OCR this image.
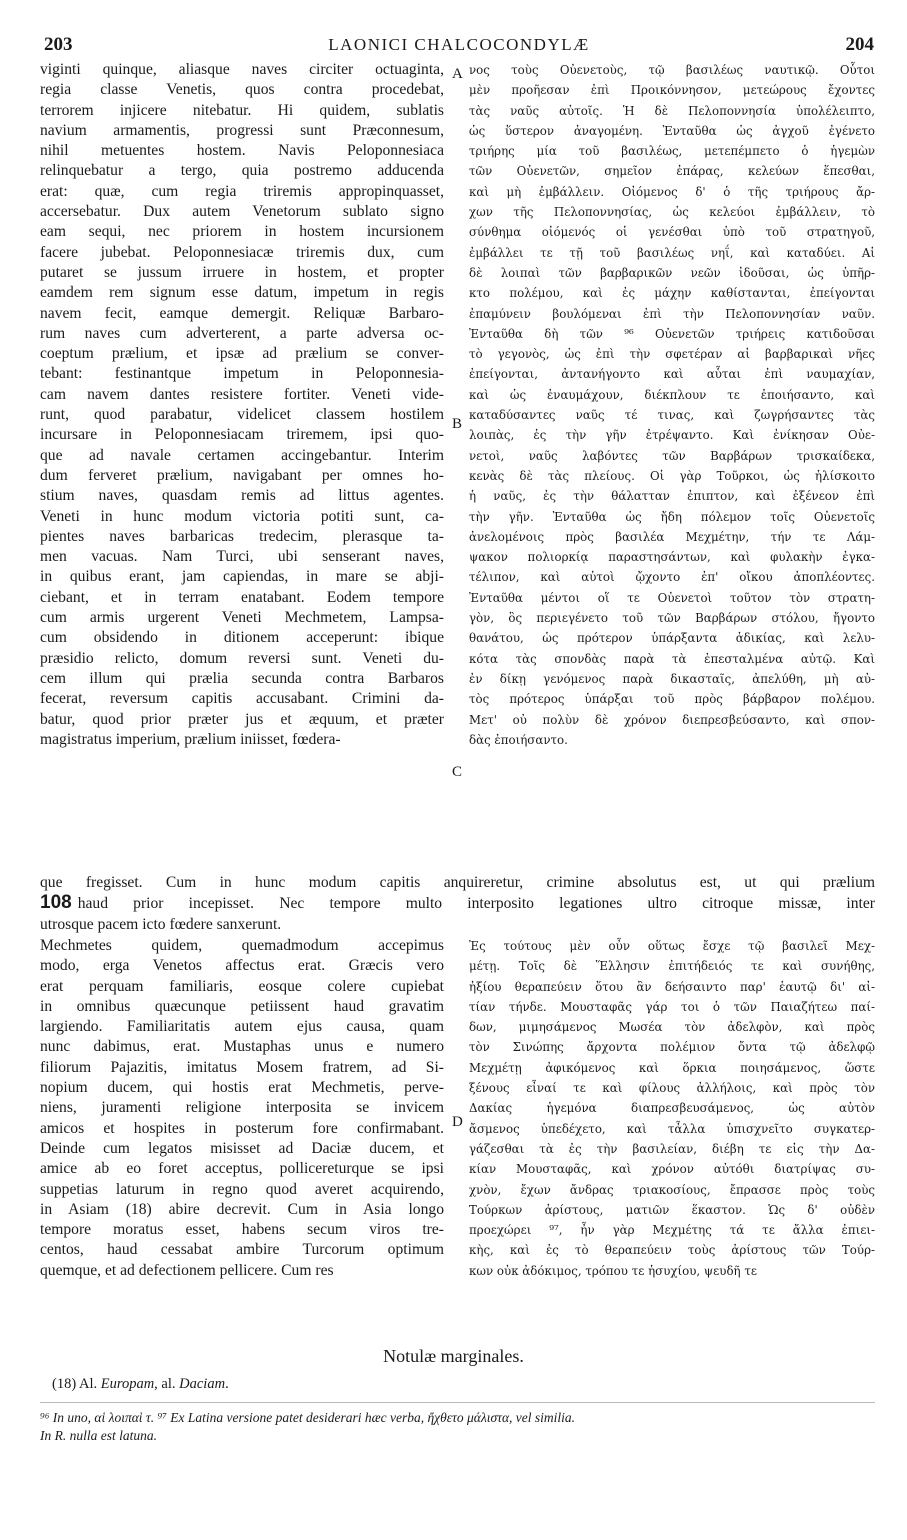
203	LAONICI CHALCOCONDYLÆ	204
viginti quinque, aliasque naves circiter octuaginta,
regia classe Venetis, quos contra procedebat,
terrorem injicere nitebatur. Hi quidem, sublatis
navium armamentis, progressi sunt Præconnesum,
nihil metuentes hostem. Navis Peloponnesiaca
relinquebatur a tergo, quia postremo adducenda
erat: quæ, cum regia triremis appropinquasset,
accersebatur. Dux autem Venetorum sublato signo
eam sequi, nec priorem in hostem incursionem
facere jubebat. Peloponnesiacæ triremis dux, cum
putaret se jussum irruere in hostem, et propter
eamdem rem signum esse datum, impetum in regis
navem fecit, eamque demergit. Reliquæ Barbaro-
rum naves cum adverterent, a parte adversa oc-
coeptum prælium, et ipsæ ad prælium se conver-
tebant: festinantque impetum in Peloponnesia-
cam navem dantes resistere fortiter. Veneti vide-
runt, quod parabatur, videlicet classem hostilem
incursare in Peloponnesiacam triremem, ipsi quo-
que ad navale certamen accingebantur. Interim
dum ferveret prælium, navigabant per omnes ho-
stium naves, quasdam remis ad littus agentes.
Veneti in hunc modum victoria potiti sunt, ca-
pientes naves barbaricas tredecim, plerasque ta-
men vacuas. Nam Turci, ubi senserant naves,
in quibus erant, jam capiendas, in mare se abji-
ciebant, et in terram enatabant. Eodem tempore
cum armis urgerent Veneti Mechmetem, Lampsa-
cum obsidendo in ditionem acceperunt: ibique
præsidio relicto, domum reversi sunt. Veneti du-
cem illum qui prælia secunda contra Barbaros
fecerat, reversum capitis accusabant. Crimini da-
batur, quod prior præter jus et æquum, et præter
magistratus imperium, prælium iniisset, fœdera-
νος τοὺς Οὐενετοὺς, τῷ βασιλέως ναυτικῷ. Οὗτοι
μὲν προῆεσαν ἐπὶ Προικόννησον, μετεώρους ἔχοντες
τὰς ναῦς αὐτοῖς. Ἡ δὲ Πελοποννησία ὑπολέλειπτο,
ὡς ὕστερον ἀναγομένη. Ἐνταῦθα ὡς ἀγχοῦ ἐγένετο
τριήρης μία τοῦ βασιλέως, μετεπέμπετο ὁ ἡγεμὼν
τῶν Οὐενετῶν, σημεῖον ἐπάρας, κελεύων ἕπεσθαι,
καὶ μὴ ἐμβάλλειν. Οἰόμενος δ' ὁ τῆς τριήρους ἄρ-
χων τῆς Πελοποννησίας, ὡς κελεύοι ἐμβάλλειν, τὸ
σύνθημα οἰόμενός οἱ γενέσθαι ὑπὸ τοῦ στρατηγοῦ,
ἐμβάλλει τε τῇ τοῦ βασιλέως νηΐ, καὶ καταδύει. Αἱ
δὲ λοιπαὶ τῶν βαρβαρικῶν νεῶν ἰδοῦσαι, ὡς ὑπῆρ-
κτο πολέμου, καὶ ἐς μάχην καθίστανται, ἐπείγονται
ἐπαμύνειν βουλόμεναι ἐπὶ τὴν Πελοποννησίαν ναῦν.
Ἐνταῦθα δὴ τῶν ⁹⁶ Οὐενετῶν τριήρεις κατιδοῦσαι
τὸ γεγονὸς, ὡς ἐπὶ τὴν σφετέραν αἱ βαρβαρικαὶ νῆες
ἐπείγονται, ἀντανήγοντο καὶ αὗται ἐπὶ ναυμαχίαν,
καὶ ὡς ἐναυμάχουν, διέκπλουν τε ἐποιήσαντο, καὶ
καταδύσαντες ναῦς τέ τινας, καὶ ζωγρήσαντες τὰς
λοιπὰς, ἐς τὴν γῆν ἐτρέψαντο. Καὶ ἐνίκησαν Οὐε-
νετοὶ, ναῦς λαβόντες τῶν Βαρβάρων τρισκαίδεκα,
κενὰς δὲ τὰς πλείους. Οἱ γὰρ Τοῦρκοι, ὡς ἡλίσκοιτο
ἡ ναῦς, ἐς τὴν θάλατταν ἐπιπτον, καὶ ἐξένεον ἐπὶ
τὴν γῆν. Ἐνταῦθα ὡς ἤδη πόλεμον τοῖς Οὐενετοῖς
ἀνελομένοις πρὸς βασιλέα Μεχμέτην, τήν τε Λάμ-
ψακον πολιορκίᾳ παραστησάντων, καὶ φυλακὴν ἐγκα-
τέλιπον, καὶ αὐτοὶ ᾤχοντο ἐπ' οἴκου ἀποπλέοντες.
Ἐνταῦθα μέντοι οἵ τε Οὐενετοὶ τοῦτον τὸν στρατη-
γὸν, ὃς περιεγένετο τοῦ τῶν Βαρβάρων στόλου, ἤγοντο
θανάτου, ὡς πρότερον ὑπάρξαντα ἀδικίας, καὶ λελυ-
κότα τὰς σπονδὰς παρὰ τὰ ἐπεσταλμένα αὐτῷ. Καὶ
ἐν δίκῃ γενόμενος παρὰ δικασταῖς, ἀπελύθη, μὴ αὐ-
τὸς πρότερος ὑπάρξαι τοῦ πρὸς βάρβαρον πολέμου.
Μετ' οὐ πολὺν δὲ χρόνον διεπρεσβεύσαντο, καὶ σπον-
δὰς ἐποιήσαντο.
A
B
C
D
que fregisset. Cum in hunc modum capitis anquireretur, crimine absolutus est, ut qui prælium
108 haud prior incepisset. Nec tempore multo interposito legationes ultro citroque missæ, inter
utrosque pacem icto fœdere sanxerunt.
Mechmetes quidem, quemadmodum accepimus
modo, erga Venetos affectus erat. Græcis vero
erat perquam familiaris, eosque colere cupiebat
in omnibus quæcunque petiissent haud gravatim
largiendo. Familiaritatis autem ejus causa, quam
nunc dabimus, erat. Mustaphas unus e numero
filiorum Pajazitis, imitatus Mosem fratrem, ad Si-
nopium ducem, qui hostis erat Mechmetis, perve-
niens, juramenti religione interposita se invicem
amicos et hospites in posterum fore confirmabant.
Deinde cum legatos misisset ad Daciæ ducem, et
amice ab eo foret acceptus, pollicereturque se ipsi
suppetias laturum in regno quod averet acquirendo,
in Asiam (18) abire decrevit. Cum in Asia longo
tempore moratus esset, habens secum viros tre-
centos, haud cessabat ambire Turcorum optimum
quemque, et ad defectionem pellicere. Cum res
Ἐς τούτους μὲν οὖν οὕτως ἔσχε τῷ βασιλεῖ Μεχ-
μέτῃ. Τοῖς δὲ Ἕλλησιν ἐπιτήδειός τε καὶ συνήθης,
ἠξίου θεραπεύειν ὅτου ἂν δεήσαιντο παρ' ἑαυτῷ δι' αἰ-
τίαν τήνδε. Μουσταφᾶς γάρ τοι ὁ τῶν Παιαζήτεω παί-
δων, μιμησάμενος Μωσέα τὸν ἀδελφὸν, καὶ πρὸς
τὸν Σινώπης ἄρχοντα πολέμιον ὄντα τῷ ἀδελφῷ
Μεχμέτῃ ἀφικόμενος καὶ ὅρκια ποιησάμενος, ὥστε
ξένους εἶναί τε καὶ φίλους ἀλλήλοις, καὶ πρὸς τὸν
Δακίας ἡγεμόνα διαπρεσβευσάμενος, ὡς αὐτὸν
ἄσμενος ὑπεδέχετο, καὶ τἆλλα ὑπισχνεῖτο συγκατερ-
γάζεσθαι τὰ ἐς τὴν βασιλείαν, διέβη τε εἰς τὴν Δα-
κίαν Μουσταφᾶς, καὶ χρόνον αὐτόθι διατρίψας συ-
χνὸν, ἔχων ἄνδρας τριακοσίους, ἔπρασσε πρὸς τοὺς
Τούρκων ἀρίστους, ματιῶν ἕκαστον. Ὡς δ' οὐδὲν
προεχώρει ⁹⁷, ἦν γὰρ Μεχμέτης τά τε ἄλλα ἐπιει-
κὴς, καὶ ἐς τὸ θεραπεύειν τοὺς ἀρίστους τῶν Τούρ-
κων οὐκ ἀδόκιμος, τρόπου τε ἡσυχίου, ψευδῆ τε
Notulæ marginales.
(18) Al. Europam, al. Daciam.
⁹⁶ In uno, αἱ λοιπαὶ τ. ⁹⁷ Ex Latina versione patet desiderari hæc verba, ἤχθετο μάλιστα, vel similia.
In R. nulla est latuna.
